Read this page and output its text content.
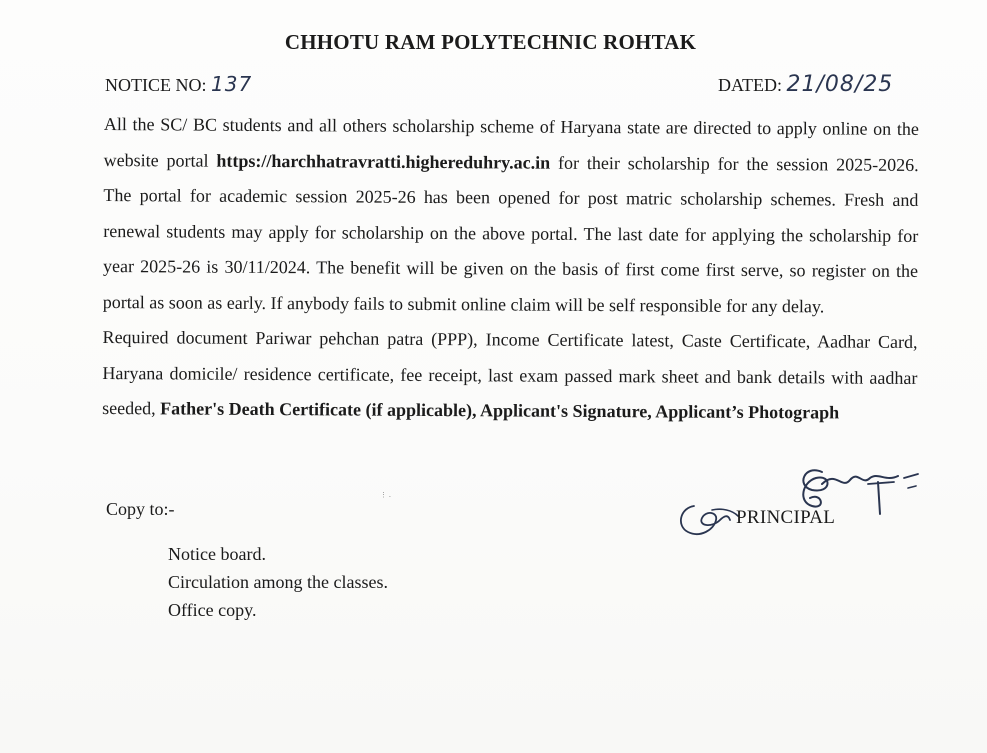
CHHOTU RAM POLYTECHNIC ROHTAK
NOTICE NO: 137	DATED: 21/08/25

All the SC/ BC students and all others scholarship scheme of Haryana state are directed to apply online on the website portal https://harchhatravratti.highereduhry.ac.in for their scholarship for the session 2025-2026. The portal for academic session 2025-26 has been opened for post matric scholarship schemes. Fresh and renewal students may apply for scholarship on the above portal. The last date for applying the scholarship for year 2025-26 is 30/11/2024. The benefit will be given on the basis of first come first serve, so register on the portal as soon as early. If anybody fails to submit online claim will be self responsible for any delay.

Required document Pariwar pehchan patra (PPP), Income Certificate latest, Caste Certificate, Aadhar Card, Haryana domicile/ residence certificate, fee receipt, last exam passed mark sheet and bank details with aadhar seeded, Father's Death Certificate (if applicable), Applicant's Signature, Applicant’s Photograph

⋮ ․
Copy to:-
Notice board.
Circulation among the classes.
Office copy.
PRINCIPAL
